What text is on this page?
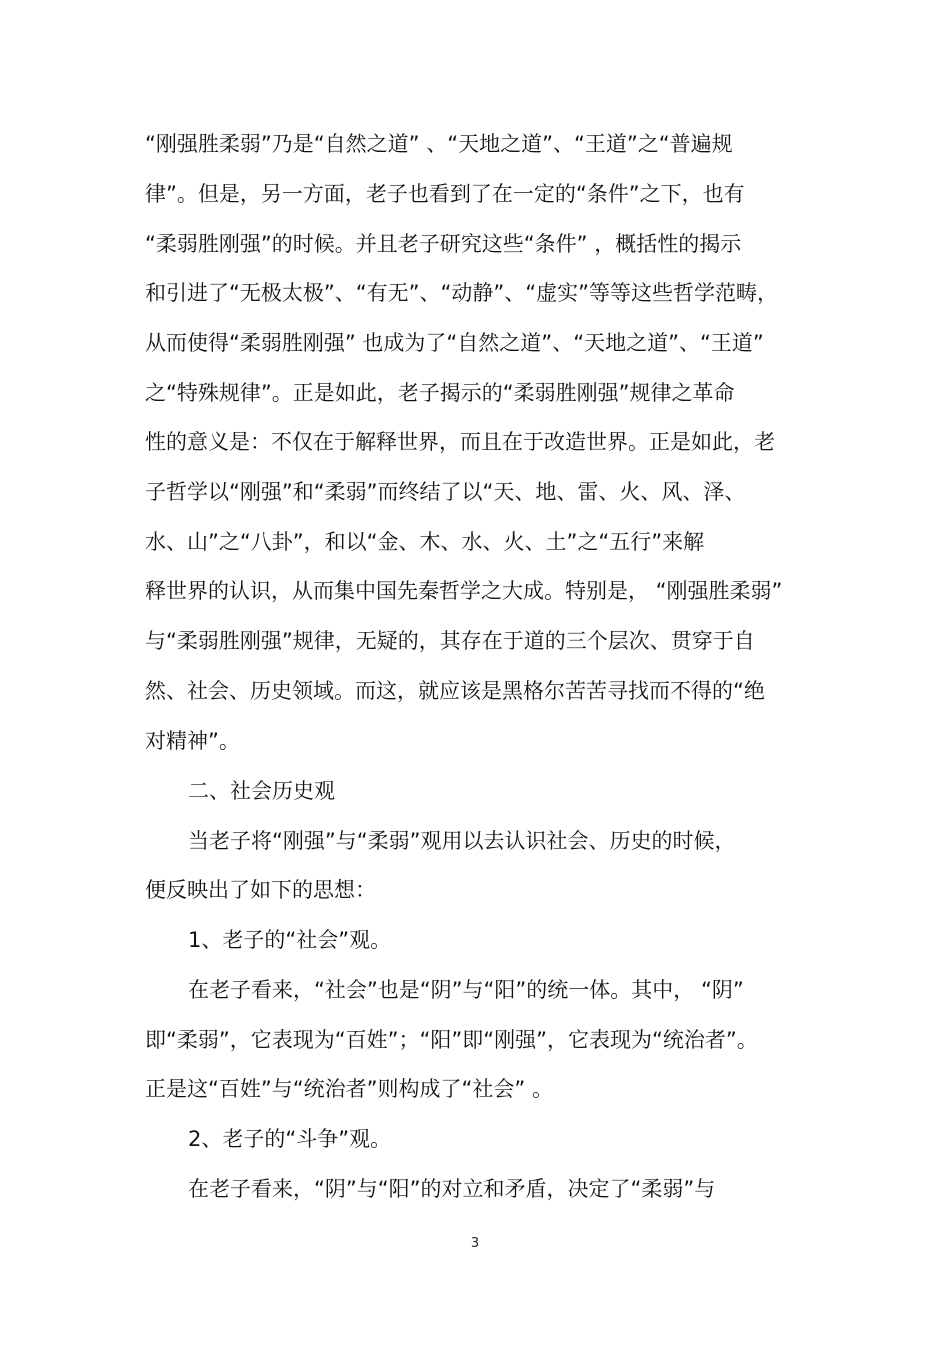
“刚强胜柔弱”乃是“自然之道” 、“天地之道”、“王道”之“普遍规
律”。但是，另一方面，老子也看到了在一定的“条件”之下，也有
“柔弱胜刚强”的时候。并且老子研究这些“条件” ，概括性的揭示
和引进了“无极太极”、“有无”、“动静”、“虚实”等等这些哲学范畴，
从而使得“柔弱胜刚强” 也成为了“自然之道”、“天地之道”、“王道”
之“特殊规律”。正是如此，老子揭示的“柔弱胜刚强”规律之革命
性的意义是：不仅在于解释世界，而且在于改造世界。正是如此，老
子哲学以“刚强”和“柔弱”而终结了以“天、地、雷、火、风、泽、
水、山”之“八卦”，和以“金、木、水、火、土”之“五行”来解
释世界的认识，从而集中国先秦哲学之大成。特别是， “刚强胜柔弱”
与“柔弱胜刚强”规律，无疑的，其存在于道的三个层次、贯穿于自
然、社会、历史领域。而这，就应该是黑格尔苦苦寻找而不得的“绝
对精神”。
二、社会历史观
当老子将“刚强”与“柔弱”观用以去认识社会、历史的时候，
便反映出了如下的思想：
1、老子的“社会”观。
在老子看来，“社会”也是“阴”与“阳”的统一体。其中， “阴”
即“柔弱”，它表现为“百姓”；“阳”即“刚强”，它表现为“统治者”。
正是这“百姓”与“统治者”则构成了“社会” 。
2、老子的“斗争”观。
在老子看来，“阴”与“阳”的对立和矛盾，决定了“柔弱”与
3
